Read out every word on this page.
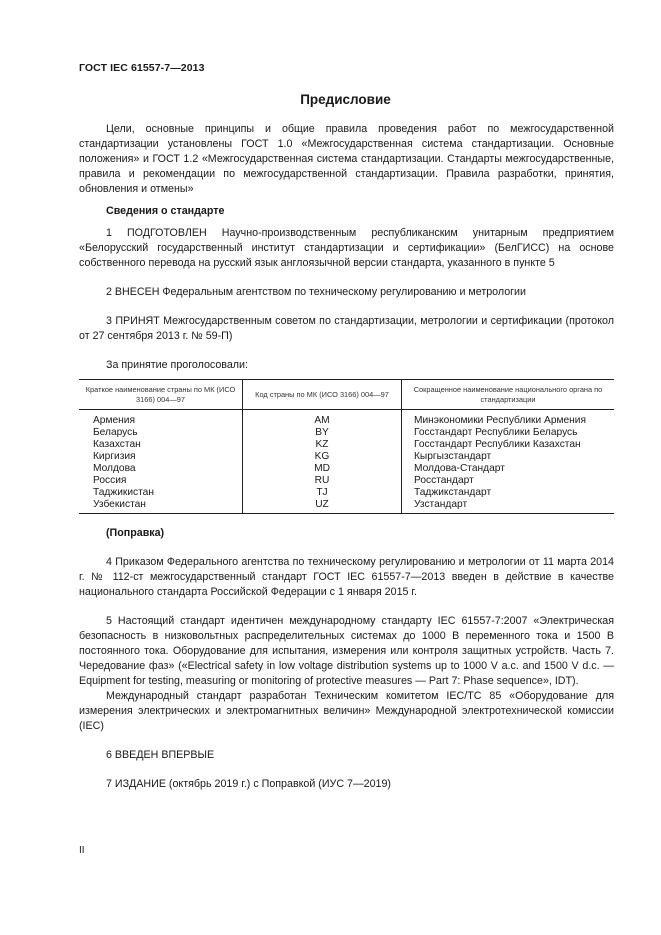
ГОСТ IEC 61557-7—2013
Предисловие

Цели, основные принципы и общие правила проведения работ по межгосударственной стандартизации установлены ГОСТ 1.0 «Межгосударственная система стандартизации. Основные положения» и ГОСТ 1.2 «Межгосударственная система стандартизации. Стандарты межгосударственные, правила и рекомендации по межгосударственной стандартизации. Правила разработки, принятия, обновления и отмены»

Сведения о стандарте

1 ПОДГОТОВЛЕН Научно-производственным республиканским унитарным предприятием «Белорусский государственный институт стандартизации и сертификации» (БелГИСС) на основе собственного перевода на русский язык англоязычной версии стандарта, указанного в пункте 5

2 ВНЕСЕН Федеральным агентством по техническому регулированию и метрологии

3 ПРИНЯТ Межгосударственным советом по стандартизации, метрологии и сертификации (протокол от 27 сентября 2013 г. № 59-П)

За принятие проголосовали:

Краткое наименование страны по МК (ИСО 3166) 004—97	Код страны по МК (ИСО 3166) 004—97	Сокращенное наименование национального органа по стандартизации
Армения	AM	Минэкономики Республики Армения
Беларусь	BY	Госстандарт Республики Беларусь
Казахстан	KZ	Госстандарт Республики Казахстан
Киргизия	KG	Кыргызстандарт
Молдова	MD	Молдова-Стандарт
Россия	RU	Росстандарт
Таджикистан	TJ	Таджикстандарт
Узбекистан	UZ	Узстандарт

(Поправка)

4 Приказом Федерального агентства по техническому регулированию и метрологии от 11 марта 2014 г. № 112-ст межгосударственный стандарт ГОСТ IEC 61557-7—2013 введен в действие в качестве национального стандарта Российской Федерации с 1 января 2015 г.

5 Настоящий стандарт идентичен международному стандарту IEC 61557-7:2007 «Электрическая безопасность в низковольтных распределительных системах до 1000 В переменного тока и 1500 В постоянного тока. Оборудование для испытания, измерения или контроля защитных устройств. Часть 7. Чередование фаз» («Electrical safety in low voltage distribution systems up to 1000 V a.c. and 1500 V d.c. — Equipment for testing, measuring or monitoring of protective measures — Part 7: Phase sequence», IDT).

Международный стандарт разработан Техническим комитетом IEC/TC 85 «Оборудование для измерения электрических и электромагнитных величин» Международной электротехнической комиссии (IEC)

6 ВВЕДЕН ВПЕРВЫЕ

7 ИЗДАНИЕ (октябрь 2019 г.) с Поправкой (ИУС 7—2019)

II
